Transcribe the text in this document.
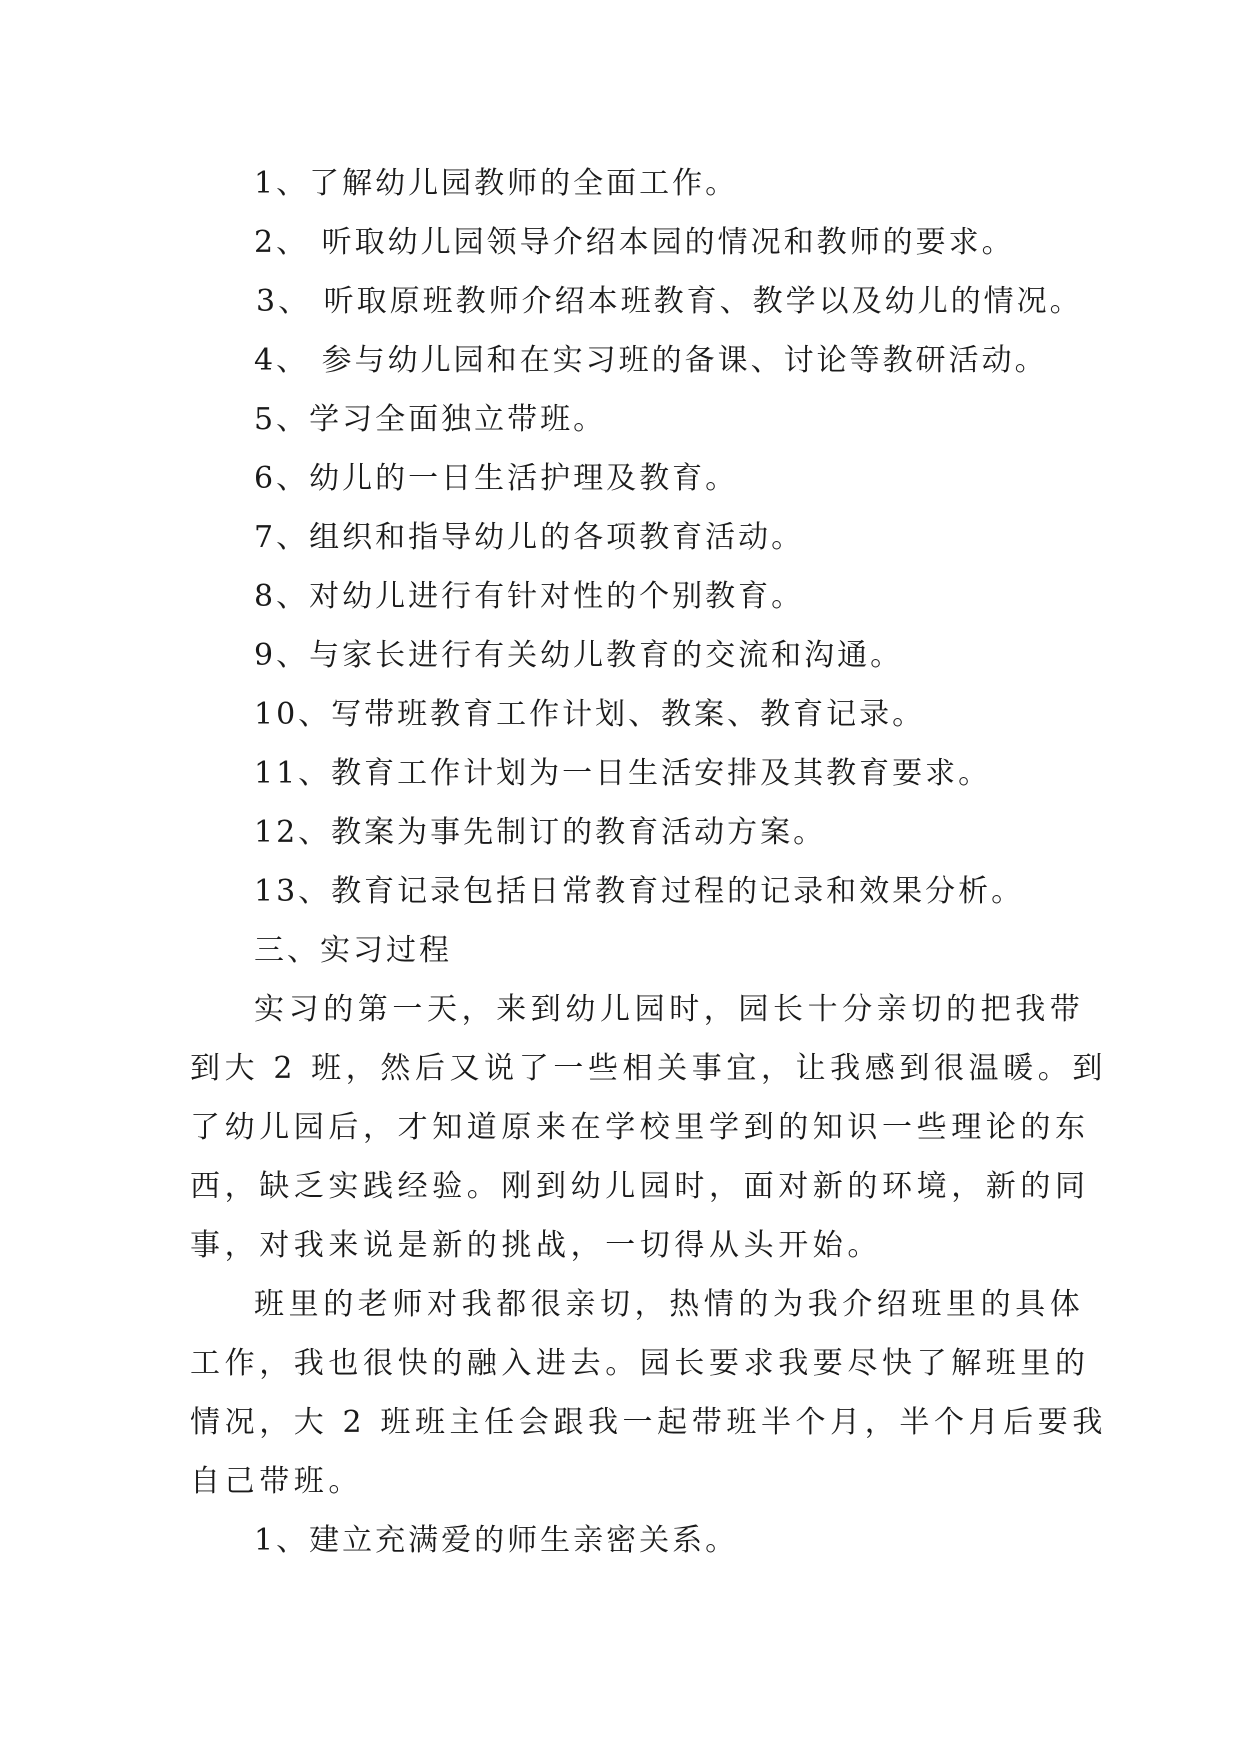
1、了解幼儿园教师的全面工作。

2、 听取幼儿园领导介绍本园的情况和教师的要求。

3、 听取原班教师介绍本班教育、教学以及幼儿的情况。

4、 参与幼儿园和在实习班的备课、讨论等教研活动。

5、学习全面独立带班。

6、幼儿的一日生活护理及教育。

7、组织和指导幼儿的各项教育活动。

8、对幼儿进行有针对性的个别教育。

9、与家长进行有关幼儿教育的交流和沟通。

10、写带班教育工作计划、教案、教育记录。

11、教育工作计划为一日生活安排及其教育要求。

12、教案为事先制订的教育活动方案。

13、教育记录包括日常教育过程的记录和效果分析。

三、实习过程

实习的第一天，来到幼儿园时，园长十分亲切的把我带

到大 2 班，然后又说了一些相关事宜，让我感到很温暖。到

了幼儿园后，才知道原来在学校里学到的知识一些理论的东

西，缺乏实践经验。刚到幼儿园时，面对新的环境，新的同

事，对我来说是新的挑战，一切得从头开始。

班里的老师对我都很亲切，热情的为我介绍班里的具体

工作，我也很快的融入进去。园长要求我要尽快了解班里的

情况，大 2 班班主任会跟我一起带班半个月，半个月后要我

自己带班。

1、建立充满爱的师生亲密关系。
